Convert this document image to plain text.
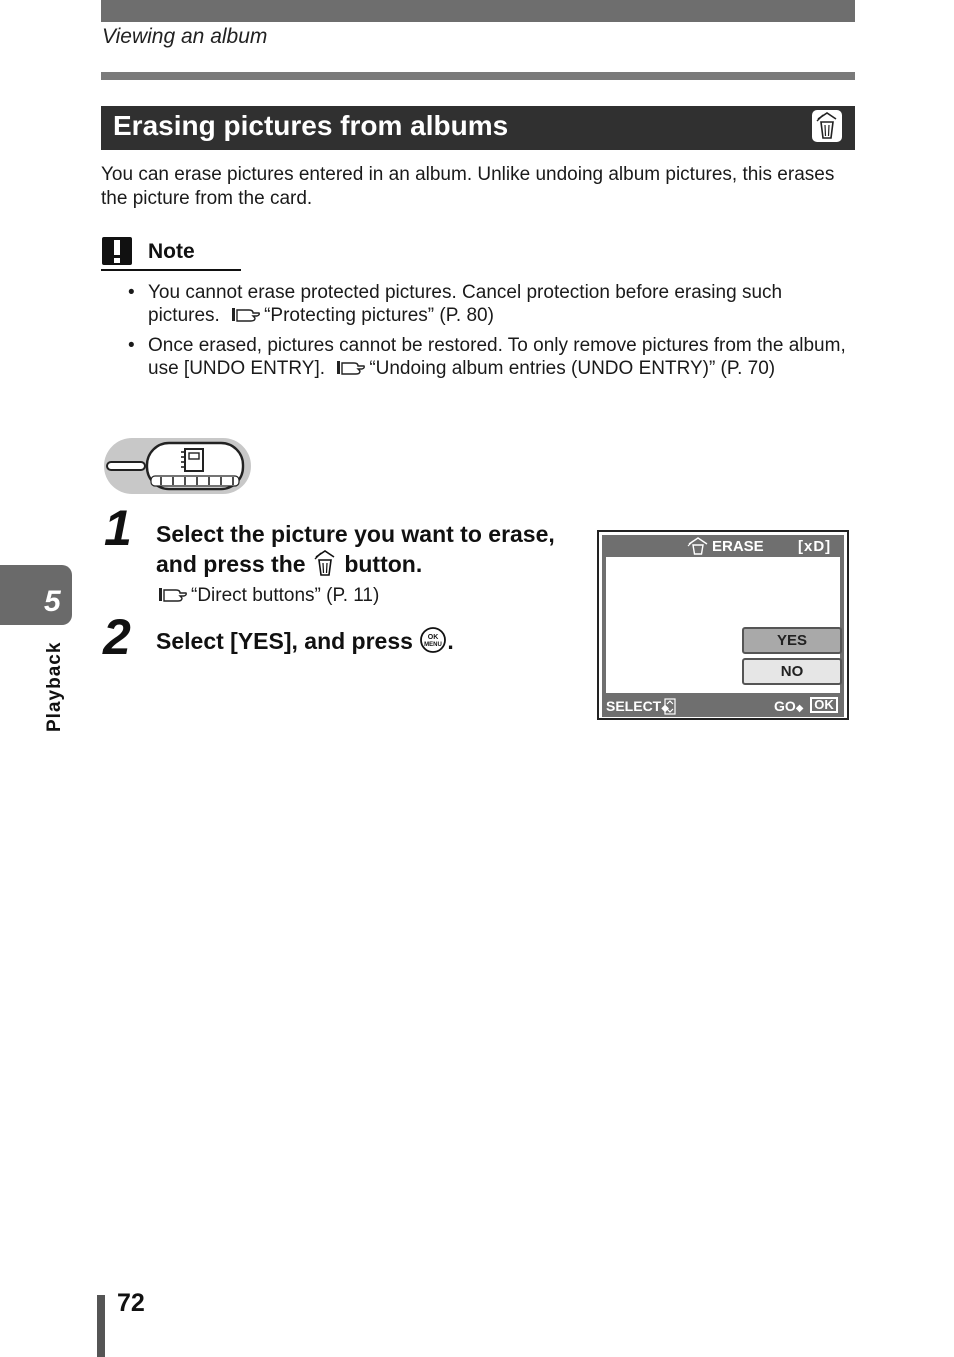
Viewing an album
Erasing pictures from albums
You can erase pictures entered in an album. Unlike undoing album pictures, this erases the picture from the card.
Note
• You cannot erase protected pictures. Cancel protection before erasing such pictures. “Protecting pictures” (P. 80)
• Once erased, pictures cannot be restored. To only remove pictures from the album, use [UNDO ENTRY]. “Undoing album entries (UNDO ENTRY)” (P. 70)
1 Select the picture you want to erase, and press the button.
“Direct buttons” (P. 11)
2 Select [YES], and press OK
MENU .
ERASE [xD]
YES
NO
SELECT◆	GO◆ OK
5
Playback
72
